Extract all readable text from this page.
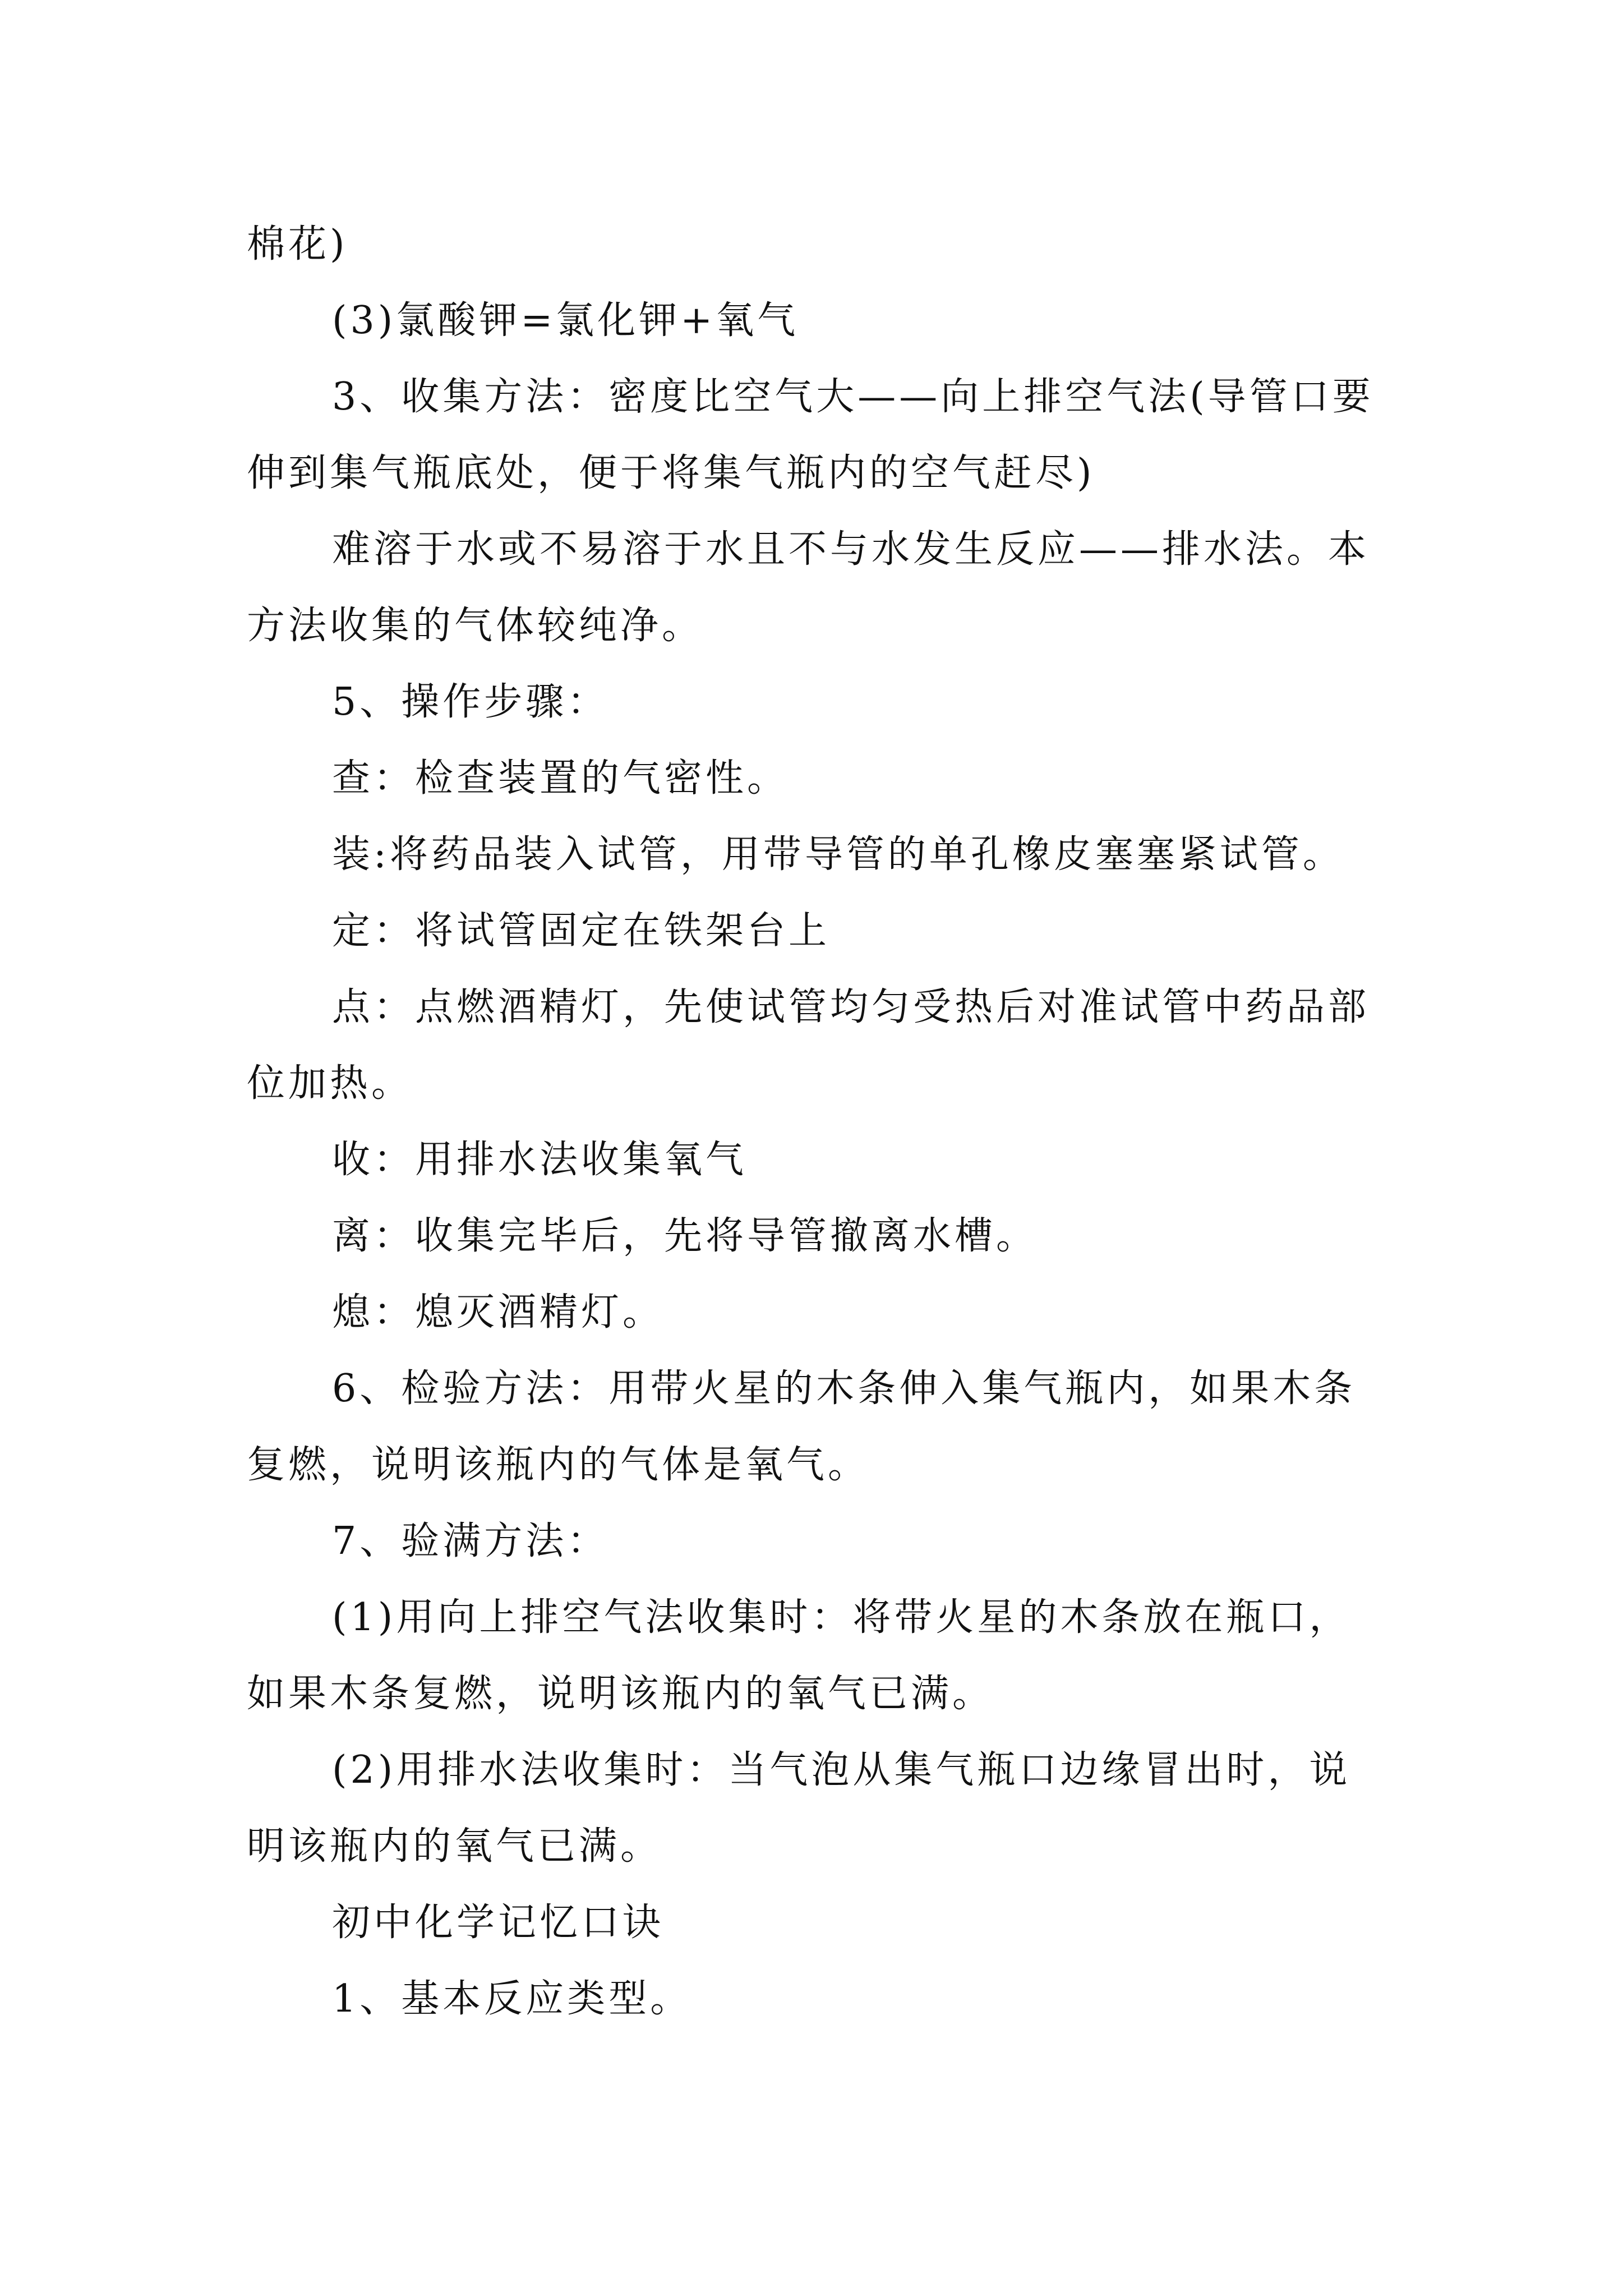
棉花)

(3)氯酸钾=氯化钾+氧气

3、收集方法：密度比空气大——向上排空气法(导管口要伸到集气瓶底处，便于将集气瓶内的空气赶尽)

难溶于水或不易溶于水且不与水发生反应——排水法。本方法收集的气体较纯净。

5、操作步骤：

查：检查装置的气密性。

装:将药品装入试管，用带导管的单孔橡皮塞塞紧试管。

定：将试管固定在铁架台上

点：点燃酒精灯，先使试管均匀受热后对准试管中药品部位加热。

收：用排水法收集氧气

离：收集完毕后，先将导管撤离水槽。

熄：熄灭酒精灯。

6、检验方法：用带火星的木条伸入集气瓶内，如果木条复燃，说明该瓶内的气体是氧气。

7、验满方法：

(1)用向上排空气法收集时：将带火星的木条放在瓶口，如果木条复燃，说明该瓶内的氧气已满。

(2)用排水法收集时：当气泡从集气瓶口边缘冒出时，说明该瓶内的氧气已满。

初中化学记忆口诀

1、基本反应类型。
